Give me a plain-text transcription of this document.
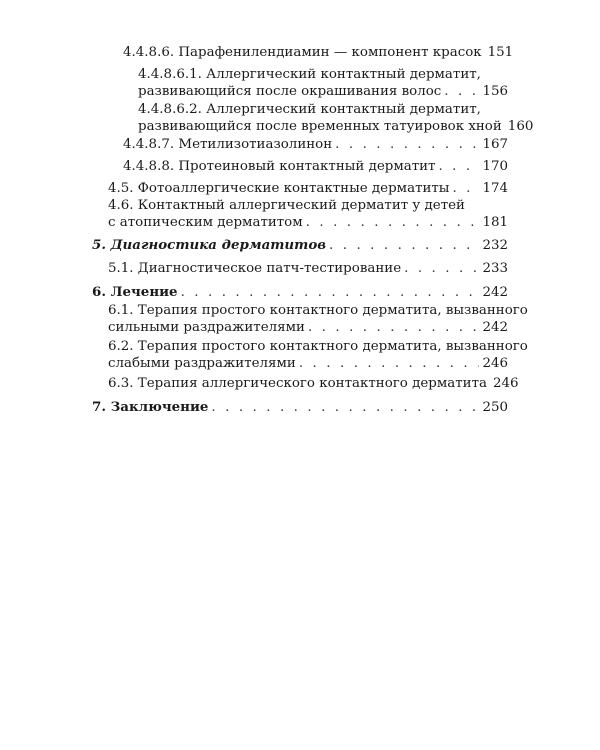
4.4.8.6. Парафенилендиамин — компонент красок 151
4.4.8.6.1. Аллергический контактный дерматит,
развивающийся после окрашивания волос . . .	156
4.4.8.6.2. Аллергический контактный дерматит,
развивающийся после временных татуировок хной 160
4.4.8.7. Метилизотиазолинон . . .	167
4.4.8.8. Протеиновый контактный дерматит . . .	170
4.5. Фотоаллергические контактные дерматиты . . . 174
4.6. Контактный аллергический дерматит у детей
с атопическим дерматитом . . .	181
5. Диагностика дерматитов . . .	232
5.1. Диагностическое патч-тестирование . . .	233
6. Лечение . . .	242
6.1. Терапия простого контактного дерматита, вызванного
сильными раздражителями . . .	242
6.2. Терапия простого контактного дерматита, вызванного
слабыми раздражителями . . .	246
6.3. Терапия аллергического контактного дерматита 246
7. Заключение . . .	250
